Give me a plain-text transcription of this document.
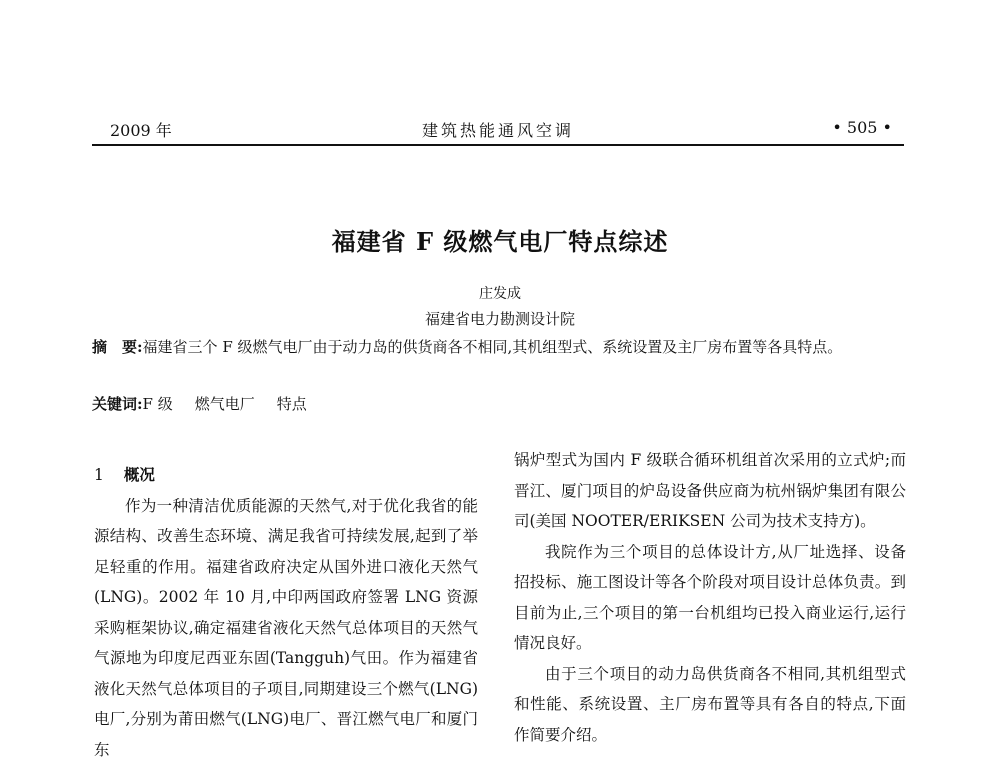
2009 年	建筑热能通风空调	• 505 •
福建省 F 级燃气电厂特点综述
庄发成
福建省电力勘测设计院
摘　要:福建省三个 F 级燃气电厂由于动力岛的供货商各不相同,其机组型式、系统设置及主厂房布置等各具特点。
关键词:F 级 燃气电厂 特点

1 概况

作为一种清洁优质能源的天然气,对于优化我省的能源结构、改善生态环境、满足我省可持续发展,起到了举足轻重的作用。福建省政府决定从国外进口液化天然气(LNG)。2002 年 10 月,中印两国政府签署 LNG 资源采购框架协议,确定福建省液化天然气总体项目的天然气气源地为印度尼西亚东固(Tangguh)气田。作为福建省液化天然气总体项目的子项目,同期建设三个燃气(LNG)电厂,分别为莆田燃气(LNG)电厂、晋江燃气电厂和厦门东

锅炉型式为国内 F 级联合循环机组首次采用的立式炉;而晋江、厦门项目的炉岛设备供应商为杭州锅炉集团有限公司(美国 NOOTER/ERIKSEN 公司为技术支持方)。

我院作为三个项目的总体设计方,从厂址选择、设备招投标、施工图设计等各个阶段对项目设计总体负责。到目前为止,三个项目的第一台机组均已投入商业运行,运行情况良好。

由于三个项目的动力岛供货商各不相同,其机组型式和性能、系统设置、主厂房布置等具有各自的特点,下面作简要介绍。
